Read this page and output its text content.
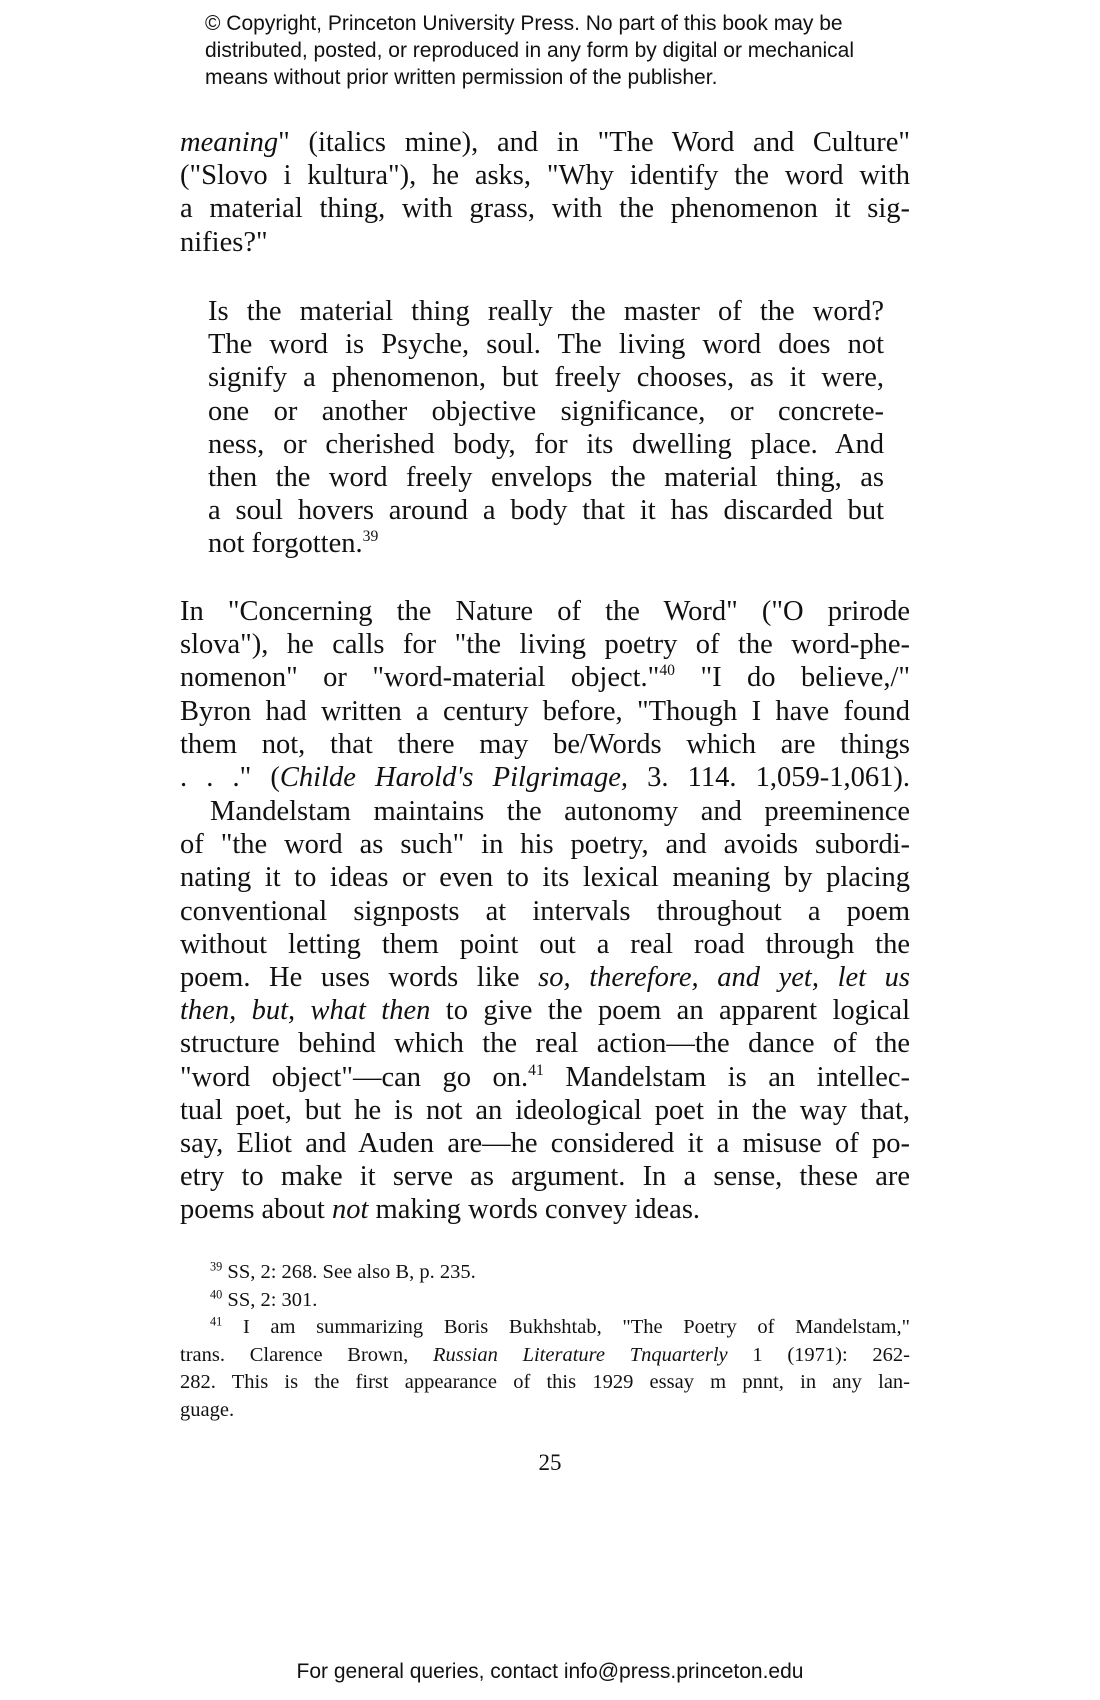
© Copyright, Princeton University Press. No part of this book may be
distributed, posted, or reproduced in any form by digital or mechanical
means without prior written permission of the publisher.
meaning" (italics mine), and in "The Word and Culture"
("Slovo i kultura"), he asks, "Why identify the word with
a material thing, with grass, with the phenomenon it sig-
nifies?"
Is the material thing really the master of the word?
The word is Psyche, soul. The living word does not
signify a phenomenon, but freely chooses, as it were,
one or another objective significance, or concrete-
ness, or cherished body, for its dwelling place. And
then the word freely envelops the material thing, as
a soul hovers around a body that it has discarded but
not forgotten.$^{39}$
In "Concerning the Nature of the Word" ("O prirode
slova"), he calls for "the living poetry of the word-phe-
nomenon" or "word-material object."$^{40}$ "I do believe,/"
Byron had written a century before, "Though I have found
them not, that there may be/Words which are things
. . ." (Childe Harold's Pilgrimage, 3. 114. 1,059-1,061).
Mandelstam maintains the autonomy and preeminence
of "the word as such" in his poetry, and avoids subordi-
nating it to ideas or even to its lexical meaning by placing
conventional signposts at intervals throughout a poem
without letting them point out a real road through the
poem. He uses words like so, therefore, and yet, let us
then, but, what then to give the poem an apparent logical
structure behind which the real action—the dance of the
"word object"—can go on.$^{41}$ Mandelstam is an intellec-
tual poet, but he is not an ideological poet in the way that,
say, Eliot and Auden are—he considered it a misuse of po-
etry to make it serve as argument. In a sense, these are
poems about not making words convey ideas.
$^{39}$ SS, 2: 268. See also B, p. 235.
$^{40}$ SS, 2: 301.
$^{41}$ I am summarizing Boris Bukhshtab, "The Poetry of Mandelstam,"
trans. Clarence Brown, Russian Literature Tnquarterly 1 (1971): 262-
282. This is the first appearance of this 1929 essay m pnnt, in any lan-
guage.
25
For general queries, contact info@press.princeton.edu
